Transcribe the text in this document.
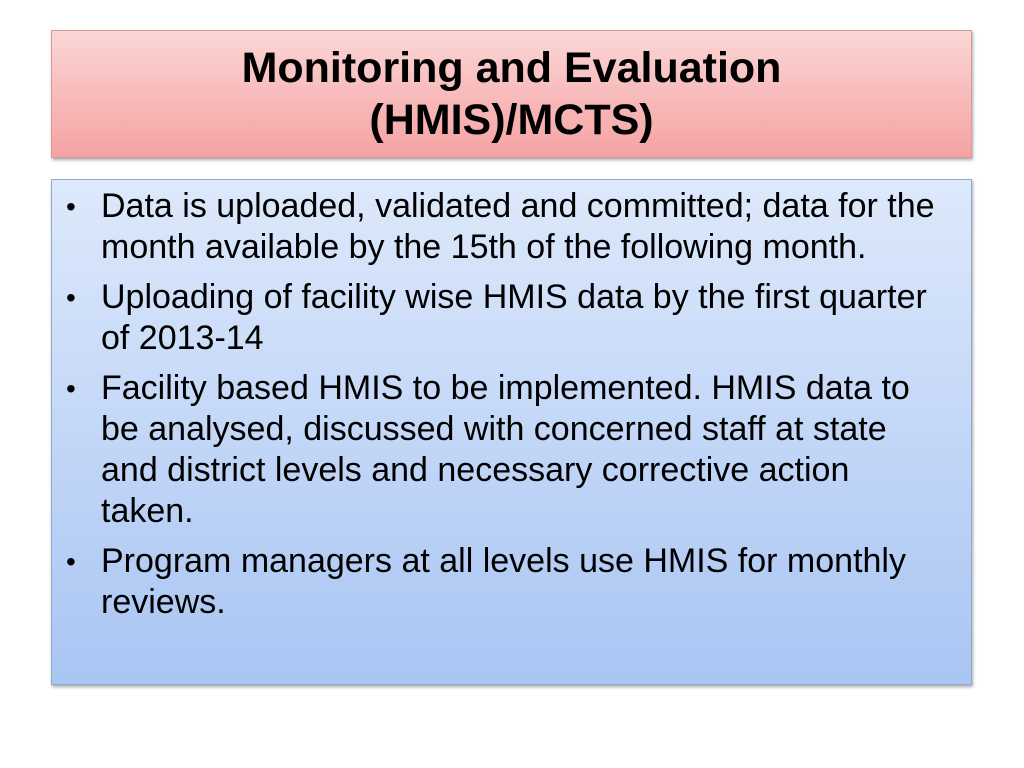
Monitoring and Evaluation
(HMIS)/MCTS)
• Data is uploaded, validated and committed; data for the month available by the 15th of the following month.
• Uploading of facility wise HMIS data by the first quarter of 2013-14
• Facility based HMIS to be implemented. HMIS data to be analysed, discussed with concerned staff at state and district levels and necessary corrective action taken.
• Program managers at all levels use HMIS for monthly reviews.
